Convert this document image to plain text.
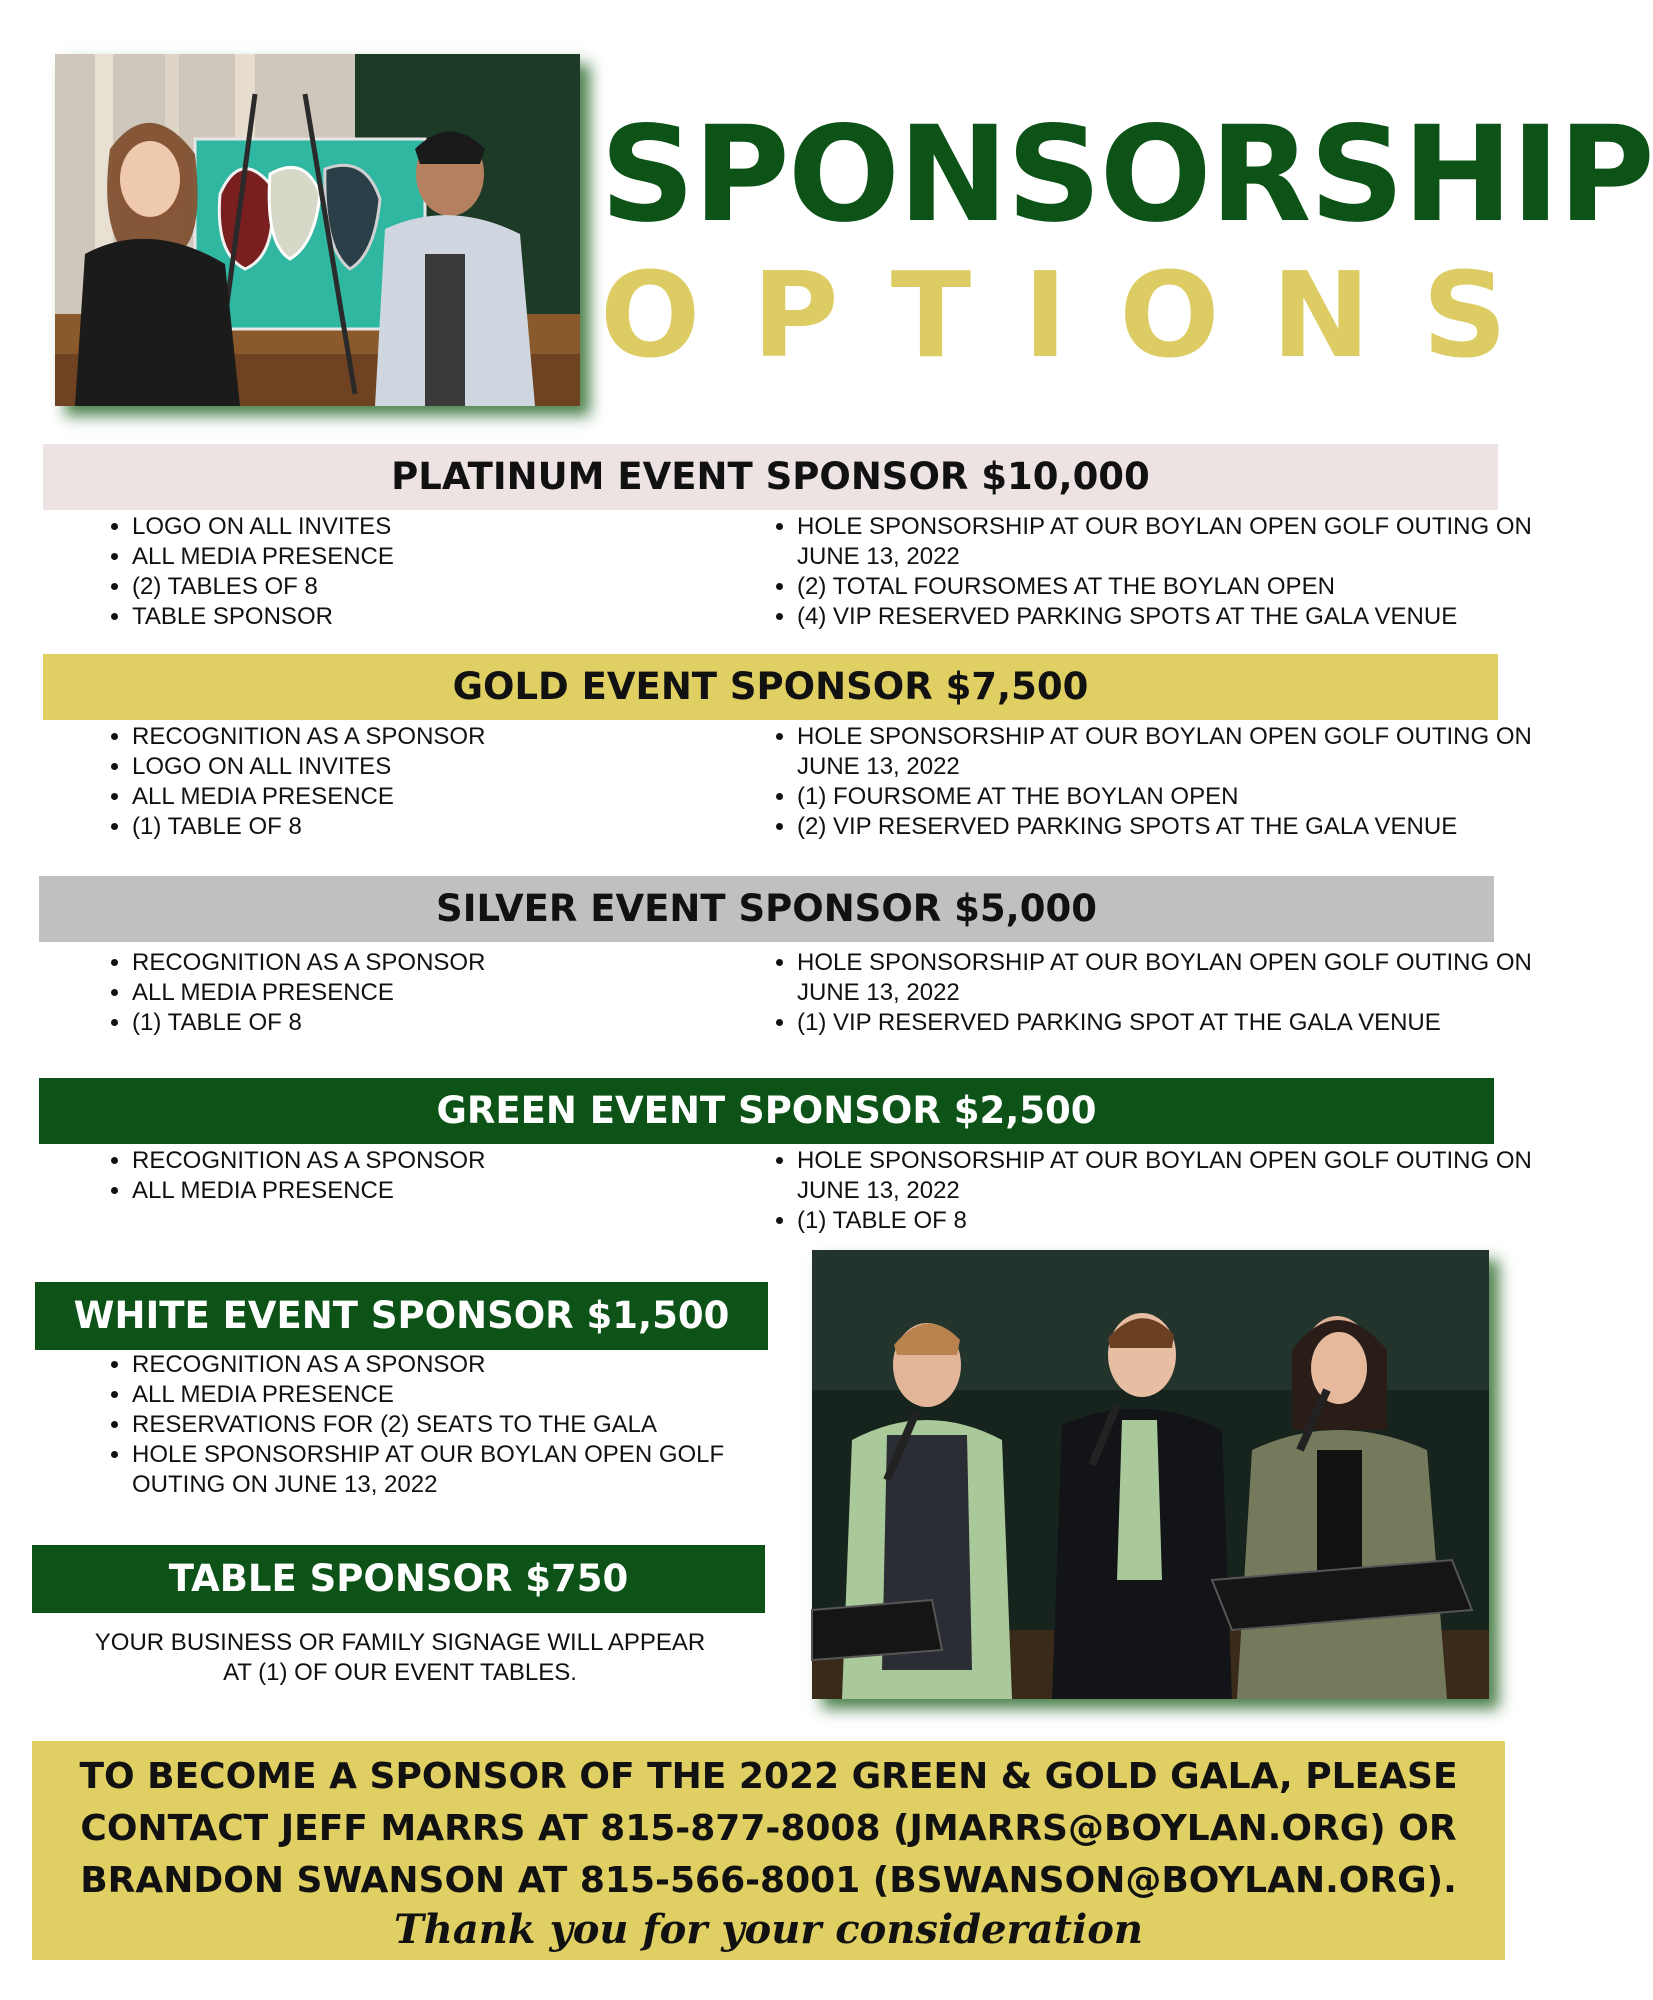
SPONSORSHIP
OPTIONS
PLATINUM EVENT SPONSOR $10,000
• LOGO ON ALL INVITES
• ALL MEDIA PRESENCE
• (2) TABLES OF 8
• TABLE SPONSOR
• HOLE SPONSORSHIP AT OUR BOYLAN OPEN GOLF OUTING ON JUNE 13, 2022
• (2) TOTAL FOURSOMES AT THE BOYLAN OPEN
• (4) VIP RESERVED PARKING SPOTS AT THE GALA VENUE
GOLD EVENT SPONSOR $7,500
• RECOGNITION AS A SPONSOR
• LOGO ON ALL INVITES
• ALL MEDIA PRESENCE
• (1) TABLE OF 8
• HOLE SPONSORSHIP AT OUR BOYLAN OPEN GOLF OUTING ON JUNE 13, 2022
• (1) FOURSOME AT THE BOYLAN OPEN
• (2) VIP RESERVED PARKING SPOTS AT THE GALA VENUE
SILVER EVENT SPONSOR $5,000
• RECOGNITION AS A SPONSOR
• ALL MEDIA PRESENCE
• (1) TABLE OF 8
• HOLE SPONSORSHIP AT OUR BOYLAN OPEN GOLF OUTING ON JUNE 13, 2022
• (1) VIP RESERVED PARKING SPOT AT THE GALA VENUE
GREEN EVENT SPONSOR $2,500
• RECOGNITION AS A SPONSOR
• ALL MEDIA PRESENCE
• HOLE SPONSORSHIP AT OUR BOYLAN OPEN GOLF OUTING ON JUNE 13, 2022
• (1) TABLE OF 8
WHITE EVENT SPONSOR $1,500
• RECOGNITION AS A SPONSOR
• ALL MEDIA PRESENCE
• RESERVATIONS FOR (2) SEATS TO THE GALA
• HOLE SPONSORSHIP AT OUR BOYLAN OPEN GOLF OUTING ON JUNE 13, 2022
TABLE SPONSOR $750
YOUR BUSINESS OR FAMILY SIGNAGE WILL APPEAR AT (1) OF OUR EVENT TABLES.
TO BECOME A SPONSOR OF THE 2022 GREEN & GOLD GALA, PLEASE CONTACT JEFF MARRS AT 815-877-8008 (JMARRS@BOYLAN.ORG) OR BRANDON SWANSON AT 815-566-8001 (BSWANSON@BOYLAN.ORG).
Thank you for your consideration
